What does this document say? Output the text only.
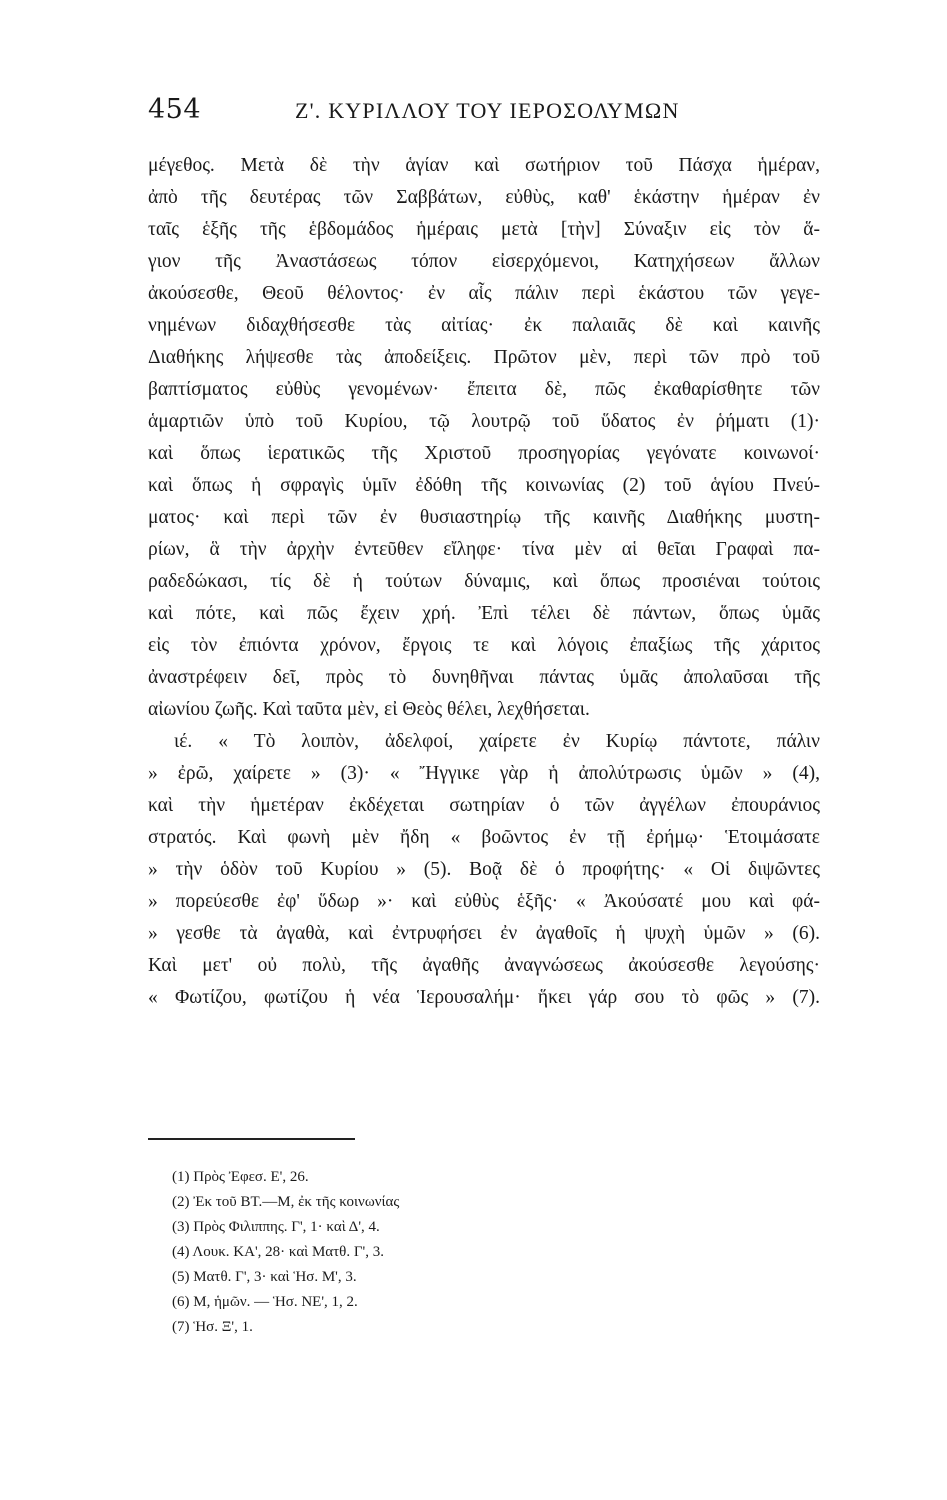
454	Ζ'. ΚΥΡΙΛΛΟΥ ΤΟΥ ΙΕΡΟΣΟΛΥΜΩΝ
μέγεθος. Μετὰ δὲ τὴν ἁγίαν καὶ σωτήριον τοῦ Πάσχα ἡμέραν,
ἀπὸ τῆς δευτέρας τῶν Σαββάτων, εὐθὺς, καθ' ἑκάστην ἡμέραν ἐν
ταῖς ἑξῆς τῆς ἑβδομάδος ἡμέραις μετὰ [τὴν] Σύναξιν εἰς τὸν ἅ-
γιον τῆς Ἀναστάσεως τόπον εἰσερχόμενοι, Κατηχήσεων ἄλλων
ἀκούσεσθε, Θεοῦ θέλοντος· ἐν αἷς πάλιν περὶ ἑκάστου τῶν γεγε-
νημένων διδαχθήσεσθε τὰς αἰτίας· ἐκ παλαιᾶς δὲ καὶ καινῆς
Διαθήκης λήψεσθε τὰς ἀποδείξεις. Πρῶτον μὲν, περὶ τῶν πρὸ τοῦ
βαπτίσματος εὐθὺς γενομένων· ἔπειτα δὲ, πῶς ἐκαθαρίσθητε τῶν
ἁμαρτιῶν ὑπὸ τοῦ Κυρίου, τῷ λουτρῷ τοῦ ὕδατος ἐν ῥήματι (1)·
καὶ ὅπως ἱερατικῶς τῆς Χριστοῦ προσηγορίας γεγόνατε κοινωνοί·
καὶ ὅπως ἡ σφραγὶς ὑμῖν ἐδόθη τῆς κοινωνίας (2) τοῦ ἁγίου Πνεύ-
ματος· καὶ περὶ τῶν ἐν θυσιαστηρίῳ τῆς καινῆς Διαθήκης μυστη-
ρίων, ἃ τὴν ἀρχὴν ἐντεῦθεν εἴληφε· τίνα μὲν αἱ θεῖαι Γραφαὶ πα-
ραδεδώκασι, τίς δὲ ἡ τούτων δύναμις, καὶ ὅπως προσιέναι τούτοις
καὶ πότε, καὶ πῶς ἔχειν χρή. Ἐπὶ τέλει δὲ πάντων, ὅπως ὑμᾶς
εἰς τὸν ἐπιόντα χρόνον, ἔργοις τε καὶ λόγοις ἐπαξίως τῆς χάριτος
ἀναστρέφειν δεῖ, πρὸς τὸ δυνηθῆναι πάντας ὑμᾶς ἀπολαῦσαι τῆς
αἰωνίου ζωῆς. Καὶ ταῦτα μὲν, εἰ Θεὸς θέλει, λεχθήσεται.
ιέ. « Τὸ λοιπὸν, ἀδελφοί, χαίρετε ἐν Κυρίῳ πάντοτε, πάλιν
» ἐρῶ, χαίρετε » (3)· « Ἤγγικε γὰρ ἡ ἀπολύτρωσις ὑμῶν » (4),
καὶ τὴν ἡμετέραν ἐκδέχεται σωτηρίαν ὁ τῶν ἀγγέλων ἐπουράνιος
στρατός. Καὶ φωνὴ μὲν ἤδη « βοῶντος ἐν τῇ ἐρήμῳ· Ἑτοιμάσατε
» τὴν ὁδὸν τοῦ Κυρίου » (5). Βοᾷ δὲ ὁ προφήτης· « Οἱ διψῶντες
» πορεύεσθε ἐφ' ὕδωρ »· καὶ εὐθὺς ἑξῆς· « Ἀκούσατέ μου καὶ φά-
» γεσθε τὰ ἀγαθὰ, καὶ ἐντρυφήσει ἐν ἀγαθοῖς ἡ ψυχὴ ὑμῶν » (6).
Καὶ μετ' οὐ πολὺ, τῆς ἀγαθῆς ἀναγνώσεως ἀκούσεσθε λεγούσης·
« Φωτίζου, φωτίζου ἡ νέα Ἱερουσαλήμ· ἥκει γάρ σου τὸ φῶς » (7).
(1) Πρὸς Ἐφεσ. Ε', 26.
(2) Ἐκ τοῦ ΒΤ.—Μ, ἐκ τῆς κοινωνίας
(3) Πρὸς Φιλιππης. Γ', 1· καὶ Δ', 4.
(4) Λουκ. ΚΑ', 28· καὶ Ματθ. Γ', 3.
(5) Ματθ. Γ', 3· καὶ Ἡσ. Μ', 3.
(6) Μ, ἡμῶν. — Ἡσ. ΝΕ', 1, 2.
(7) Ἡσ. Ξ', 1.
